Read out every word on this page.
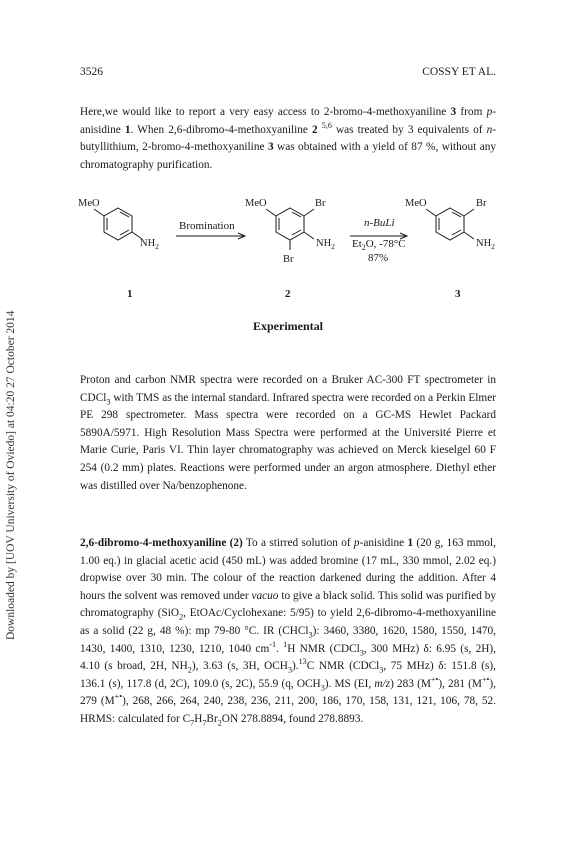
Downloaded by [UOV University of Oviedo] at 04:20 27 October 2014
3526	COSSY ET AL.

Here,we would like to report a very easy access to 2-bromo-4-methoxyaniline 3 from p-anisidine 1. When 2,6-dibromo-4-methoxyaniline 2 $^{5,6}$ was treated by 3 equivalents of n-butyllithium, 2-bromo-4-methoxyaniline 3 was obtained with a yield of 87 %, without any chromatography purification.

MeO
$NH_2$
Bromination
MeO	Br
$NH_2$
Br
n-BuLi
$Et_2O$, -78°C
87%
MeO	Br
$NH_2$
1	2	3
Experimental

Proton and carbon NMR spectra were recorded on a Bruker AC-300 FT spectrometer in CDCl$_3$ with TMS as the internal standard. Infrared spectra were recorded on a Perkin Elmer PE 298 spectrometer. Mass spectra were recorded on a GC-MS Hewlet Packard 5890A/5971. High Resolution Mass Spectra were performed at the Université Pierre et Marie Curie, Paris VI. Thin layer chromatography was achieved on Merck kieselgel 60 F 254 (0.2 mm) plates. Reactions were performed under an argon atmosphere. Diethyl ether was distilled over Na/benzophenone.

2,6-dibromo-4-methoxyaniline (2) To a stirred solution of p-anisidine 1 (20 g, 163 mmol, 1.00 eq.) in glacial acetic acid (450 mL) was added bromine (17 mL, 330 mmol, 2.02 eq.) dropwise over 30 min. The colour of the reaction darkened during the addition. After 4 hours the solvent was removed under vacuo to give a black solid. This solid was purified by chromatography (SiO$_2$, EtOAc/Cyclohexane: 5/95) to yield 2,6-dibromo-4-methoxyaniline as a solid (22 g, 48 %): mp 79-80 °C. IR (CHCl$_3$): 3460, 3380, 1620, 1580, 1550, 1470, 1430, 1400, 1310, 1230, 1210, 1040 $cm^{-1}$. $^1$H NMR (CDCl$_3$, 300 MHz) δ: 6.95 (s, 2H), 4.10 (s broad, 2H, $NH_2$), 3.63 (s, 3H, $OCH_3).^{13}C$ NMR (CDCl$_3$, 75 MHz) δ: 151.8 (s), 136.1 (s), 117.8 (d, 2C), 109.0 (s, 2C), 55.9 (q, $OCH_3$). MS (EI, m/z) 283 (M+•), 281 (M+•), 279 (M+•), 268, 266, 264, 240, 238, 236, 211, 200, 186, 170, 158, 131, 121, 106, 78, 52. HRMS: calculated for $C_7H_7Br_2ON$ 278.8894, found 278.8893.
